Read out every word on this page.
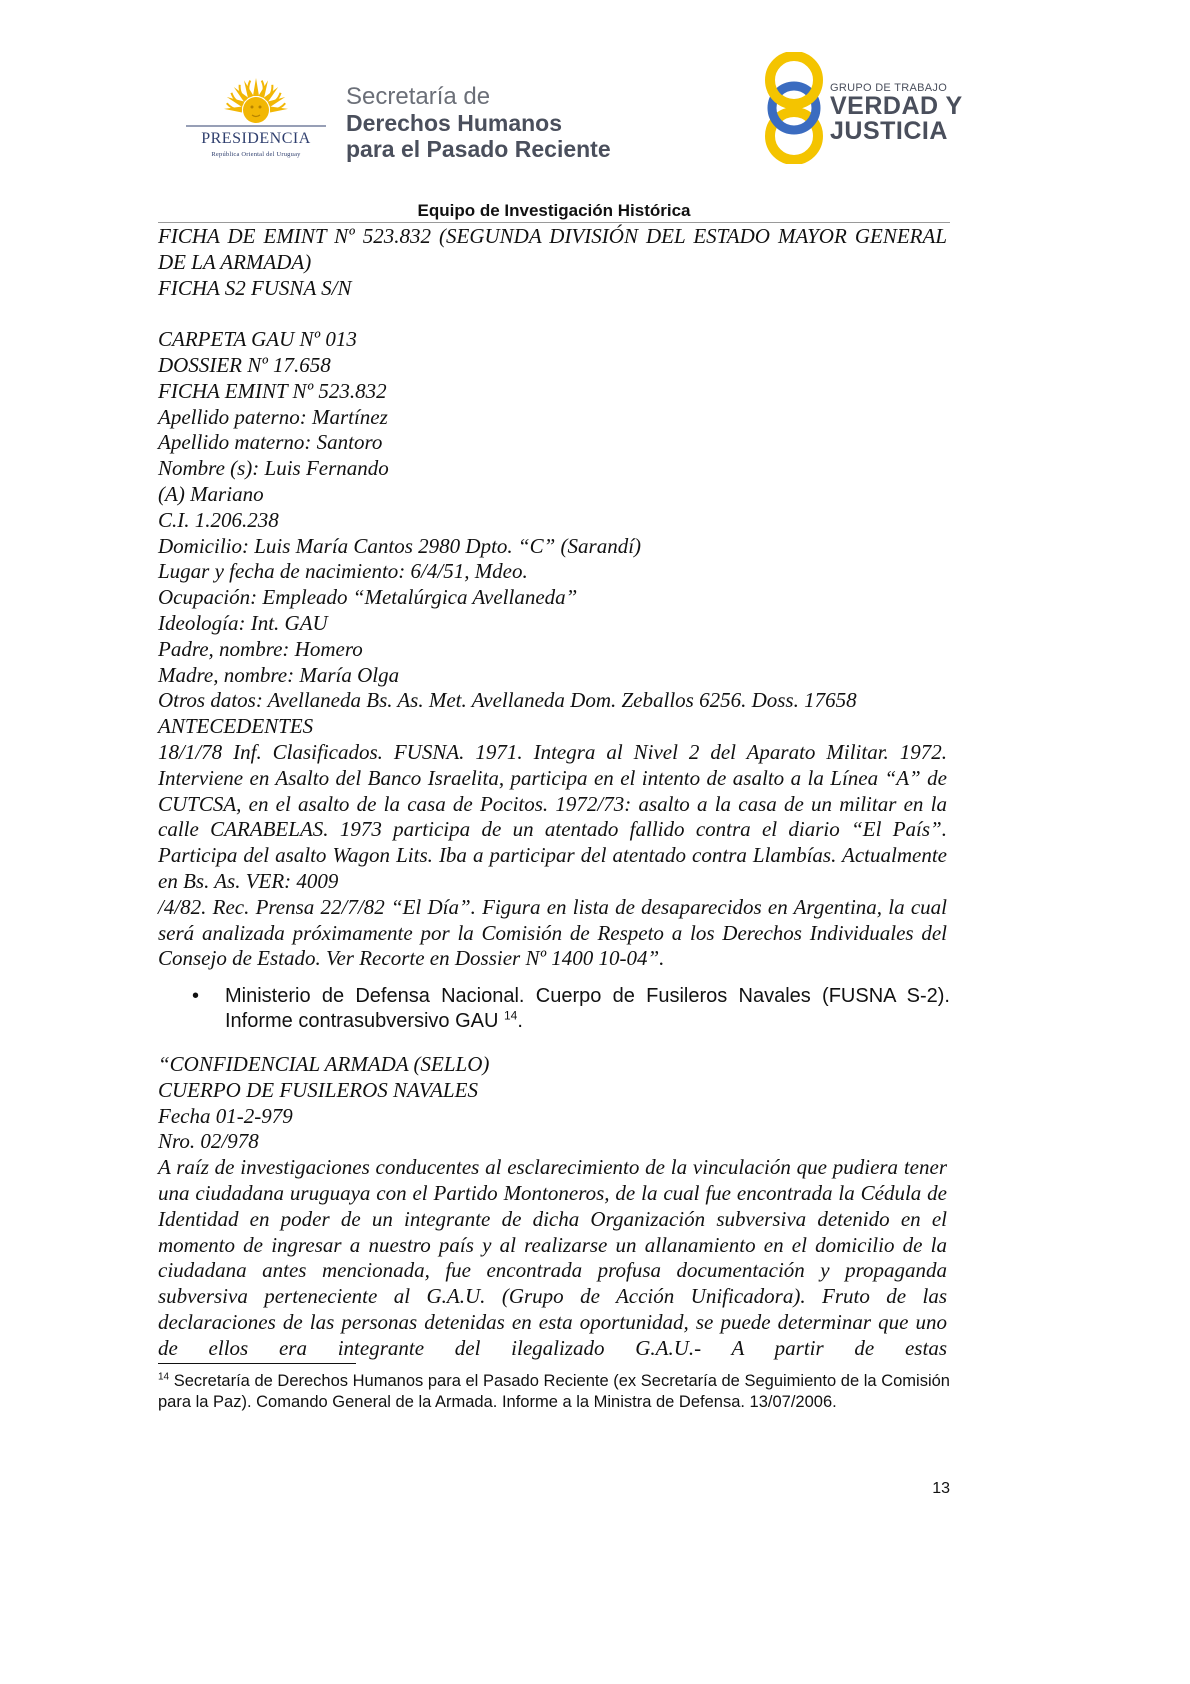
PRESIDENCIA
República Oriental del Uruguay
Secretaría de
Derechos Humanos
para el Pasado Reciente
GRUPO DE TRABAJO
VERDAD Y
JUSTICIA
Equipo de Investigación Histórica

FICHA DE EMINT Nº 523.832 (SEGUNDA DIVISIÓN DEL ESTADO MAYOR GENERAL DE LA ARMADA)

FICHA S2 FUSNA S/N

CARPETA GAU Nº 013

DOSSIER Nº 17.658

FICHA EMINT Nº 523.832

Apellido paterno: Martínez

Apellido materno: Santoro

Nombre (s): Luis Fernando

(A) Mariano

C.I. 1.206.238

Domicilio: Luis María Cantos 2980 Dpto. “C” (Sarandí)

Lugar y fecha de nacimiento: 6/4/51, Mdeo.

Ocupación: Empleado “Metalúrgica Avellaneda”

Ideología: Int. GAU

Padre, nombre: Homero

Madre, nombre: María Olga

Otros datos: Avellaneda Bs. As. Met. Avellaneda Dom. Zeballos 6256. Doss. 17658

ANTECEDENTES

18/1/78 Inf. Clasificados. FUSNA. 1971. Integra al Nivel 2 del Aparato Militar. 1972. Interviene en Asalto del Banco Israelita, participa en el intento de asalto a la Línea “A” de CUTCSA, en el asalto de la casa de Pocitos. 1972/73: asalto a la casa de un militar en la calle CARABELAS. 1973 participa de un atentado fallido contra el diario “El País”. Participa del asalto Wagon Lits. Iba a participar del atentado contra Llambías. Actualmente en Bs. As. VER: 4009

/4/82. Rec. Prensa 22/7/82 “El Día”. Figura en lista de desaparecidos en Argentina, la cual será analizada próximamente por la Comisión de Respeto a los Derechos Individuales del Consejo de Estado. Ver Recorte en Dossier Nº 1400 10-04”.

• Ministerio de Defensa Nacional. Cuerpo de Fusileros Navales (FUSNA S-2). Informe contrasubversivo GAU $^{14}$.

“CONFIDENCIAL ARMADA (SELLO)

CUERPO DE FUSILEROS NAVALES

Fecha 01-2-979

Nro. 02/978

A raíz de investigaciones conducentes al esclarecimiento de la vinculación que pudiera tener una ciudadana uruguaya con el Partido Montoneros, de la cual fue encontrada la Cédula de Identidad en poder de un integrante de dicha Organización subversiva detenido en el momento de ingresar a nuestro país y al realizarse un allanamiento en el domicilio de la ciudadana antes mencionada, fue encontrada profusa documentación y propaganda subversiva perteneciente al G.A.U. (Grupo de Acción Unificadora). Fruto de las declaraciones de las personas detenidas en esta oportunidad, se puede determinar que uno de ellos era integrante del ilegalizado G.A.U.- A partir de estas

$^{14}$ Secretaría de Derechos Humanos para el Pasado Reciente (ex Secretaría de Seguimiento de la Comisión para la Paz). Comando General de la Armada. Informe a la Ministra de Defensa. 13/07/2006.
13
